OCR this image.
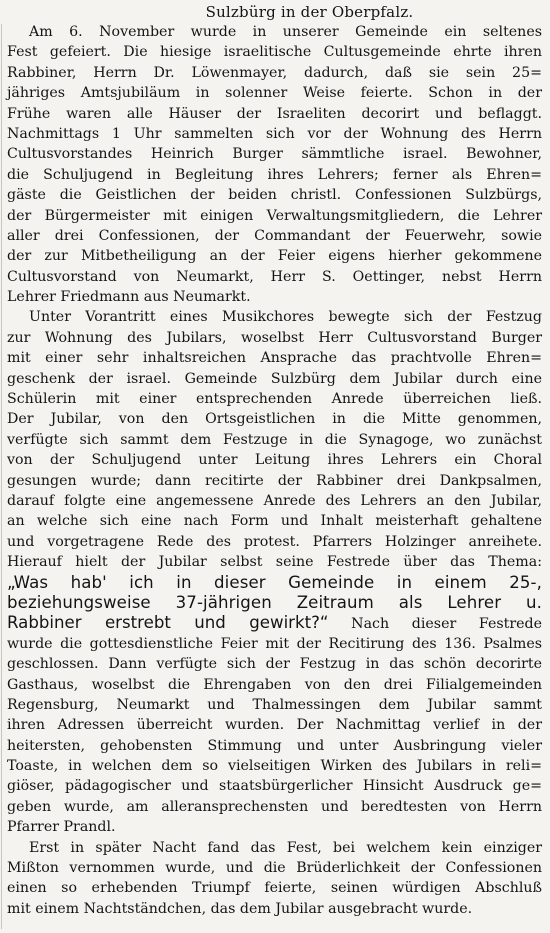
Sulzbürg in der Oberpfalz.

Am 6. November wurde in unserer Gemeinde ein seltenes
Fest gefeiert. Die hiesige israelitische Cultusgemeinde ehrte ihren
Rabbiner, Herrn Dr. Löwenmayer, dadurch, daß sie sein 25=
jähriges Amtsjubiläum in solenner Weise feierte. Schon in der
Frühe waren alle Häuser der Israeliten decorirt und beflaggt.
Nachmittags 1 Uhr sammelten sich vor der Wohnung des Herrn
Cultusvorstandes Heinrich Burger sämmtliche israel. Bewohner,
die Schuljugend in Begleitung ihres Lehrers; ferner als Ehren=
gäste die Geistlichen der beiden christl. Confessionen Sulzbürgs,
der Bürgermeister mit einigen Verwaltungsmitgliedern, die Lehrer
aller drei Confessionen, der Commandant der Feuerwehr, sowie
der zur Mitbetheiligung an der Feier eigens hierher gekommene
Cultusvorstand von Neumarkt, Herr S. Oettinger, nebst Herrn
Lehrer Friedmann aus Neumarkt.
Unter Vorantritt eines Musikchores bewegte sich der Festzug
zur Wohnung des Jubilars, woselbst Herr Cultusvorstand Burger
mit einer sehr inhaltsreichen Ansprache das prachtvolle Ehren=
geschenk der israel. Gemeinde Sulzbürg dem Jubilar durch eine
Schülerin mit einer entsprechenden Anrede überreichen ließ.
Der Jubilar, von den Ortsgeistlichen in die Mitte genommen,
verfügte sich sammt dem Festzuge in die Synagoge, wo zunächst
von der Schuljugend unter Leitung ihres Lehrers ein Choral
gesungen wurde; dann recitirte der Rabbiner drei Dankpsalmen,
darauf folgte eine angemessene Anrede des Lehrers an den Jubilar,
an welche sich eine nach Form und Inhalt meisterhaft gehaltene
und vorgetragene Rede des protest. Pfarrers Holzinger anreihete.
Hierauf hielt der Jubilar selbst seine Festrede über das Thema:
„Was hab' ich in dieser Gemeinde in einem 25-,
beziehungsweise 37-jährigen Zeitraum als Lehrer u.
Rabbiner erstrebt und gewirkt?“ Nach dieser Festrede
wurde die gottesdienstliche Feier mit der Recitirung des 136. Psalmes
geschlossen. Dann verfügte sich der Festzug in das schön decorirte
Gasthaus, woselbst die Ehrengaben von den drei Filialgemeinden
Regensburg, Neumarkt und Thalmessingen dem Jubilar sammt
ihren Adressen überreicht wurden. Der Nachmittag verlief in der
heitersten, gehobensten Stimmung und unter Ausbringung vieler
Toaste, in welchen dem so vielseitigen Wirken des Jubilars in reli=
giöser, pädagogischer und staatsbürgerlicher Hinsicht Ausdruck ge=
geben wurde, am alleransprechensten und beredtesten von Herrn
Pfarrer Prandl.
Erst in später Nacht fand das Fest, bei welchem kein einziger
Mißton vernommen wurde, und die Brüderlichkeit der Confessionen
einen so erhebenden Triumpf feierte, seinen würdigen Abschluß
mit einem Nachtständchen, das dem Jubilar ausgebracht wurde.
